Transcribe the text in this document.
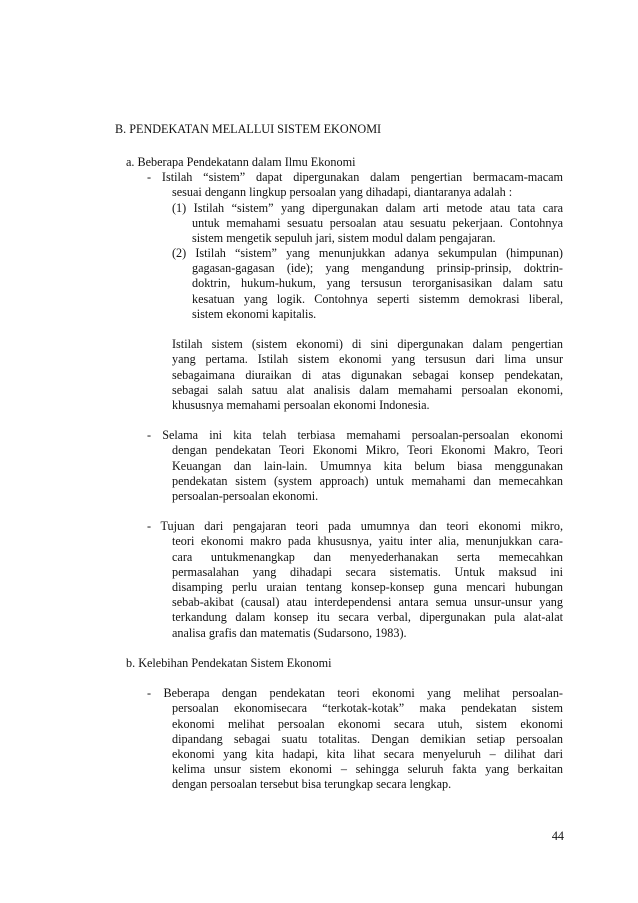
B. PENDEKATAN MELALLUI SISTEM EKONOMI
a. Beberapa Pendekatann dalam Ilmu Ekonomi
- Istilah “sistem” dapat dipergunakan dalam pengertian bermacam-macam
sesuai dengann lingkup persoalan yang dihadapi, diantaranya adalah :
(1) Istilah “sistem” yang dipergunakan dalam arti metode atau tata cara
untuk memahami sesuatu persoalan atau sesuatu pekerjaan. Contohnya
sistem mengetik sepuluh jari, sistem modul dalam pengajaran.
(2) Istilah “sistem” yang menunjukkan adanya sekumpulan (himpunan)
gagasan-gagasan (ide); yang mengandung prinsip-prinsip, doktrin-
doktrin, hukum-hukum, yang tersusun terorganisasikan dalam satu
kesatuan yang logik. Contohnya seperti sistemm demokrasi liberal,
sistem ekonomi kapitalis.
Istilah sistem (sistem ekonomi) di sini dipergunakan dalam pengertian
yang pertama. Istilah sistem ekonomi yang tersusun dari lima unsur
sebagaimana diuraikan di atas digunakan sebagai konsep pendekatan,
sebagai salah satuu alat analisis dalam memahami persoalan ekonomi,
khususnya memahami persoalan ekonomi Indonesia.
- Selama ini kita telah terbiasa memahami persoalan-persoalan ekonomi
dengan pendekatan Teori Ekonomi Mikro, Teori Ekonomi Makro, Teori
Keuangan dan lain-lain. Umumnya kita belum biasa menggunakan
pendekatan sistem (system approach) untuk memahami dan memecahkan
persoalan-persoalan ekonomi.
- Tujuan dari pengajaran teori pada umumnya dan teori ekonomi mikro,
teori ekonomi makro pada khususnya, yaitu inter alia, menunjukkan cara-
cara untukmenangkap dan menyederhanakan serta memecahkan
permasalahan yang dihadapi secara sistematis. Untuk maksud ini
disamping perlu uraian tentang konsep-konsep guna mencari hubungan
sebab-akibat (causal) atau interdependensi antara semua unsur-unsur yang
terkandung dalam konsep itu secara verbal, dipergunakan pula alat-alat
analisa grafis dan matematis (Sudarsono, 1983).
b. Kelebihan Pendekatan Sistem Ekonomi
- Beberapa dengan pendekatan teori ekonomi yang melihat persoalan-
persoalan ekonomisecara “terkotak-kotak” maka pendekatan sistem
ekonomi melihat persoalan ekonomi secara utuh, sistem ekonomi
dipandang sebagai suatu totalitas. Dengan demikian setiap persoalan
ekonomi yang kita hadapi, kita lihat secara menyeluruh – dilihat dari
kelima unsur sistem ekonomi – sehingga seluruh fakta yang berkaitan
dengan persoalan tersebut bisa terungkap secara lengkap.
44
